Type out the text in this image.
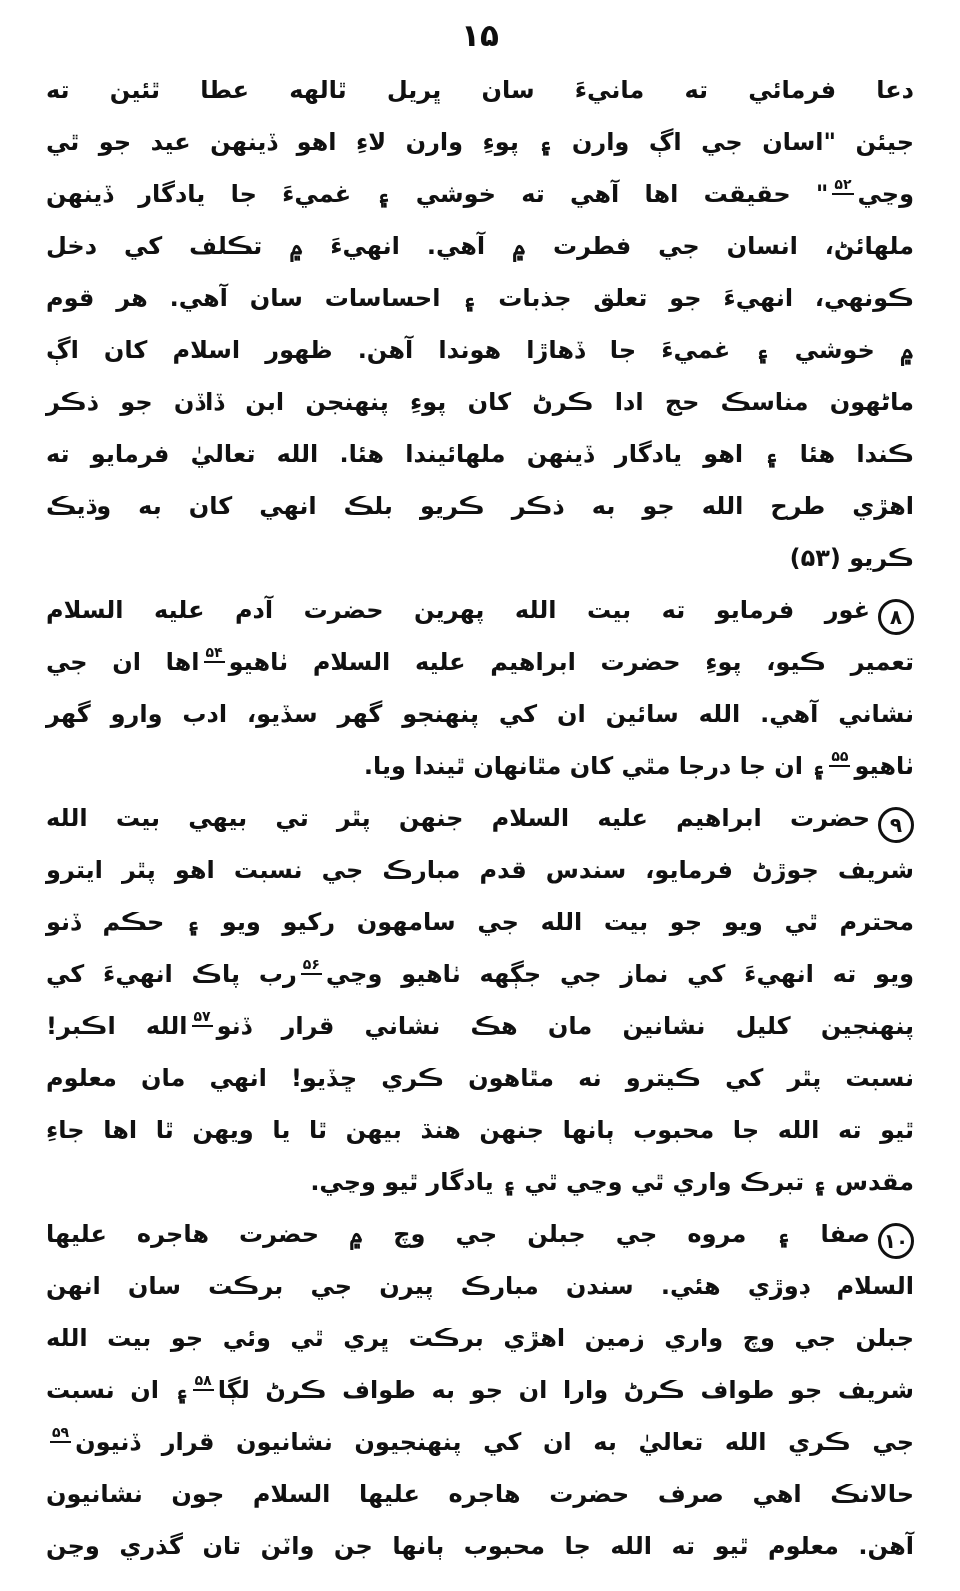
۱۵
دعا فرمائي ته مانيءَ سان ڀريل ٿالهه عطا ٿئين ته
جيئن "اسان جي اڳ وارن ۽ پوءِ وارن لاءِ اهو ڏينهن عيد جو ٿي
وڃي۵۲" حقيقت اها آهي ته خوشي ۽ غميءَ جا يادگار ڏينهن
ملهائڻ، انسان جي فطرت ۾ آهي. انهيءَ ۾ تڪلف کي دخل
ڪونهي، انهيءَ جو تعلق جذبات ۽ احساسات سان آهي. هر قوم
۾ خوشي ۽ غميءَ جا ڏهاڙا هوندا آهن. ظهور اسلام کان اڳ
ماڻهون مناسڪ حج ادا ڪرڻ کان پوءِ پنهنجن ابن ڏاڏن جو ذڪر
ڪندا هئا ۽ اهو يادگار ڏينهن ملهائيندا هئا. الله تعاليٰ فرمايو ته
اهڙي طرح الله جو به ذڪر ڪريو بلڪ انهي کان به وڌيڪ
ڪريو (۵۳)
۸غور فرمايو ته بيت الله پهرين حضرت آدم عليه السلام
تعمير ڪيو، پوءِ حضرت ابراهيم عليه السلام ٺاهيو۵۴اها ان جي
نشاني آهي. الله سائين ان کي پنهنجو گهر سڏيو، ادب وارو گهر
ٺاهيو۵۵۽ ان جا درجا مٿي کان مٿانهان ٿيندا ويا.
۹حضرت ابراهيم عليه السلام جنهن پٿر تي بيهي بيت الله
شريف جوڙڻ فرمايو، سندس قدم مبارڪ جي نسبت اهو پٿر ايترو
محترم ٿي ويو جو بيت الله جي سامهون رکيو ويو ۽ حڪم ڏنو
ويو ته انهيءَ کي نماز جي جڳهه ٺاهيو وڃي۵۶رب پاڪ انهيءَ کي
پنهنجين کليل نشانين مان هڪ نشاني قرار ڏنو۵۷الله اڪبر!
نسبت پٿر کي ڪيترو نه مٿاهون ڪري ڇڏيو! انهي مان معلوم
ٿيو ته الله جا محبوب ٻانها جنهن هنڌ بيهن ٿا يا ويهن ٿا اها جاءِ
مقدس ۽ تبرڪ واري ٿي وڃي ٿي ۽ يادگار ٿيو وڃي.
۱۰صفا ۽ مروه جي جبلن جي وچ ۾ حضرت هاجره عليها
السلام ڊوڙي هئي. سندن مبارڪ پيرن جي برڪت سان انهن
جبلن جي وچ واري زمين اهڙي برڪت ڀري ٿي وئي جو بيت الله
شريف جو طواف ڪرڻ وارا ان جو به طواف ڪرڻ لڳا۵۸۽ ان نسبت
جي ڪري الله تعاليٰ به ان کي پنهنجيون نشانيون قرار ڏنيون۵۹
حالانڪ اهي صرف حضرت هاجره عليها السلام جون نشانيون
آهن. معلوم ٿيو ته الله جا محبوب ٻانها جن واٽن تان گذري وڃن
